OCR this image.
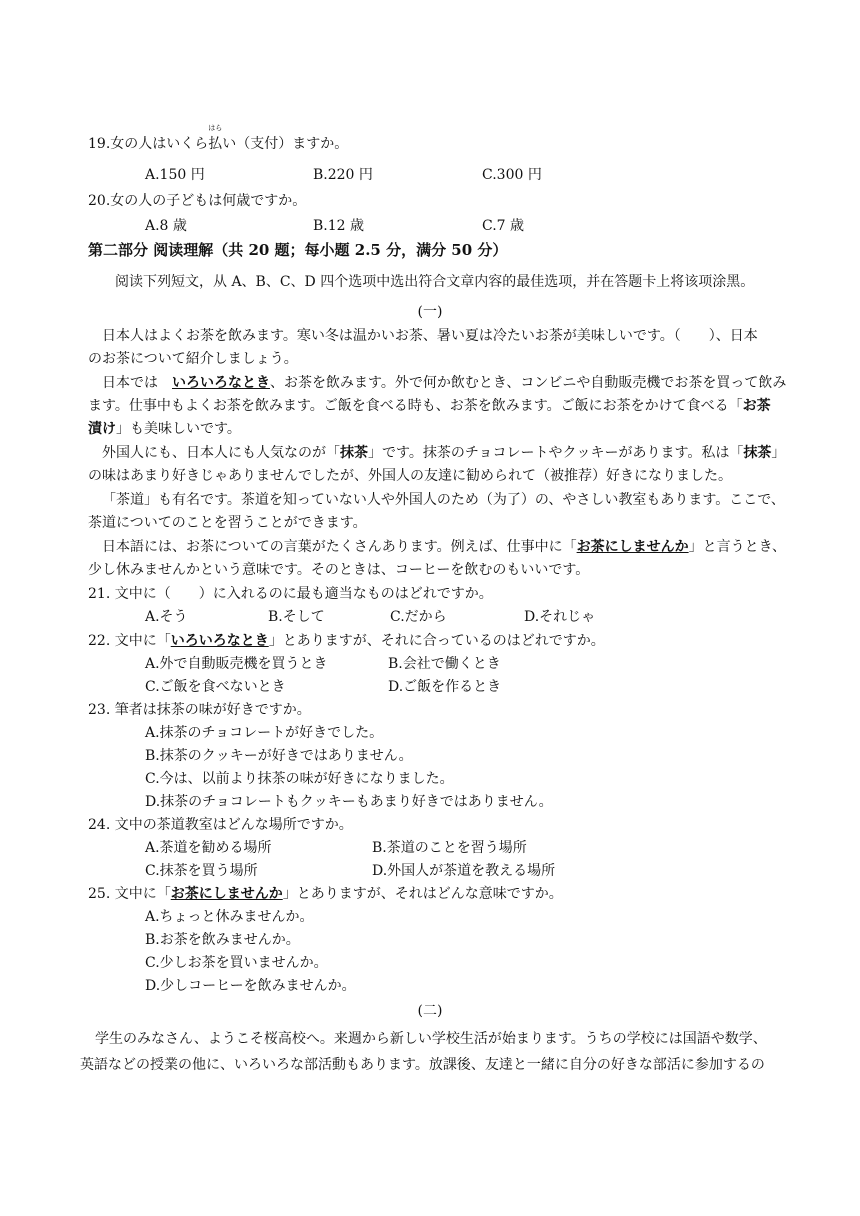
19.女の人はいくら
はら
払い（支付）ますか。
A.150 円	B.220 円	C.300 円
20.女の人の子どもは何歳ですか。
A.8 歳	B.12 歳	C.7 歳
第二部分 阅读理解（共 20 题；每小题 2.5 分，满分 50 分）
阅读下列短文，从 A、B、C、D 四个选项中选出符合文章内容的最佳选项，并在答题卡上将该项涂黑。
(一)
日本人はよくお茶を飲みます。寒い冬は温かいお茶、暑い夏は冷たいお茶が美味しいです。（　　）、日本
のお茶について紹介しましょう。
日本では いろいろなとき、お茶を飲みます。外で何か飲むとき、コンビニや自動販売機でお茶を買って飲み
ます。仕事中もよくお茶を飲みます。ご飯を食べる時も、お茶を飲みます。ご飯にお茶をかけて食べる「お茶
漬け」も美味しいです。
外国人にも、日本人にも人気なのが「抹茶」です。抹茶のチョコレートやクッキーがあります。私は「抹茶」
の味はあまり好きじゃありませんでしたが、外国人の友達に勧められて（被推荐）好きになりました。
「茶道」も有名です。茶道を知っていない人や外国人のため（为了）の、やさしい教室もあります。ここで、
茶道についてのことを習うことができます。
日本語には、お茶についての言葉がたくさんあります。例えば、仕事中に「お茶にしませんか」と言うとき、
少し休みませんかという意味です。そのときは、コーヒーを飲むのもいいです。
21. 文中に（　　）に入れるのに最も適当なものはどれですか。
A.そう	B.そして	C.だから	D.それじゃ
22. 文中に「いろいろなとき」とありますが、それに合っているのはどれですか。
A.外で自動販売機を買うとき	B.会社で働くとき
C.ご飯を食べないとき	D.ご飯を作るとき
23. 筆者は抹茶の味が好きですか。
A.抹茶のチョコレートが好きでした。
B.抹茶のクッキーが好きではありません。
C.今は、以前より抹茶の味が好きになりました。
D.抹茶のチョコレートもクッキーもあまり好きではありません。
24. 文中の茶道教室はどんな場所ですか。
A.茶道を勧める場所	B.茶道のことを習う場所
C.抹茶を買う場所	D.外国人が茶道を教える場所
25. 文中に「お茶にしませんか」とありますが、それはどんな意味ですか。
A.ちょっと休みませんか。
B.お茶を飲みませんか。
C.少しお茶を買いませんか。
D.少しコーヒーを飲みませんか。
(二)
学生のみなさん、ようこそ桜高校へ。来週から新しい学校生活が始まります。うちの学校には国語や数学、
英語などの授業の他に、いろいろな部活動もあります。放課後、友達と一緒に自分の好きな部活に参加するの
